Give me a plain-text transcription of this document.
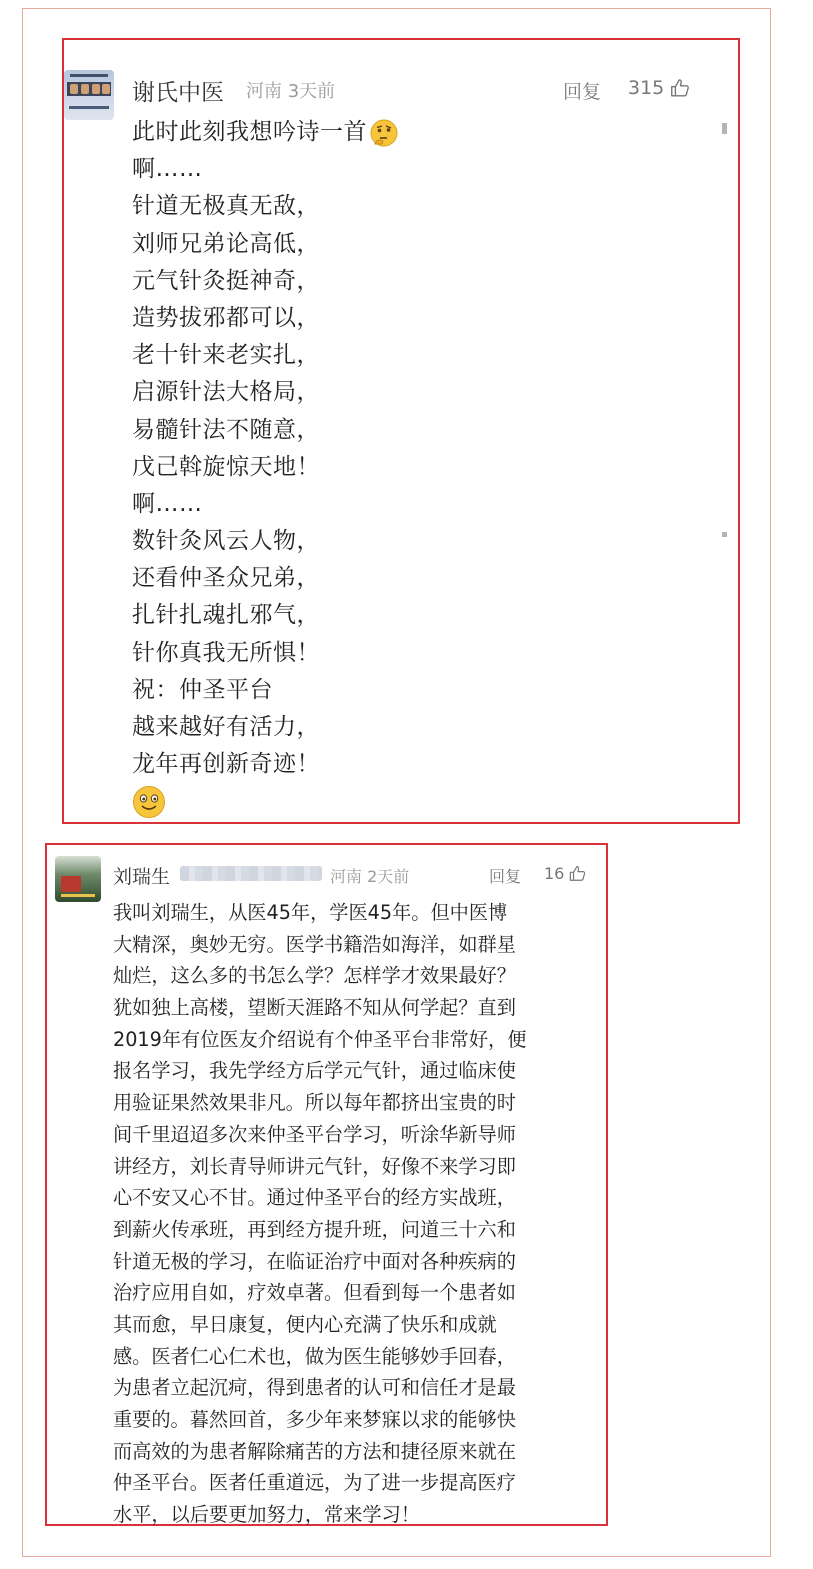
谢氏中医 河南 3天前	回复 315
此时此刻我想吟诗一首
啊……
针道无极真无敌，
刘师兄弟论高低，
元气针灸挺神奇，
造势拔邪都可以，
老十针来老实扎，
启源针法大格局，
易髓针法不随意，
戊己斡旋惊天地！
啊……
数针灸风云人物，
还看仲圣众兄弟，
扎针扎魂扎邪气，
针你真我无所惧！
祝：仲圣平台
越来越好有活力，
龙年再创新奇迹！
刘瑞生	河南 2天前	回复 16
我叫刘瑞生，从医45年，学医45年。但中医博
大精深，奥妙无穷。医学书籍浩如海洋，如群星
灿烂，这么多的书怎么学？怎样学才效果最好？
犹如独上高楼，望断天涯路不知从何学起？直到
2019年有位医友介绍说有个仲圣平台非常好，便
报名学习，我先学经方后学元气针，通过临床使
用验证果然效果非凡。所以每年都挤出宝贵的时
间千里迢迢多次来仲圣平台学习，听涂华新导师
讲经方，刘长青导师讲元气针，好像不来学习即
心不安又心不甘。通过仲圣平台的经方实战班，
到薪火传承班，再到经方提升班，问道三十六和
针道无极的学习，在临证治疗中面对各种疾病的
治疗应用自如，疗效卓著。但看到每一个患者如
其而愈，早日康复，便内心充满了快乐和成就
感。医者仁心仁术也，做为医生能够妙手回春，
为患者立起沉疴，得到患者的认可和信任才是最
重要的。暮然回首，多少年来梦寐以求的能够快
而高效的为患者解除痛苦的方法和捷径原来就在
仲圣平台。医者任重道远，为了进一步提高医疗
水平，以后要更加努力，常来学习！
